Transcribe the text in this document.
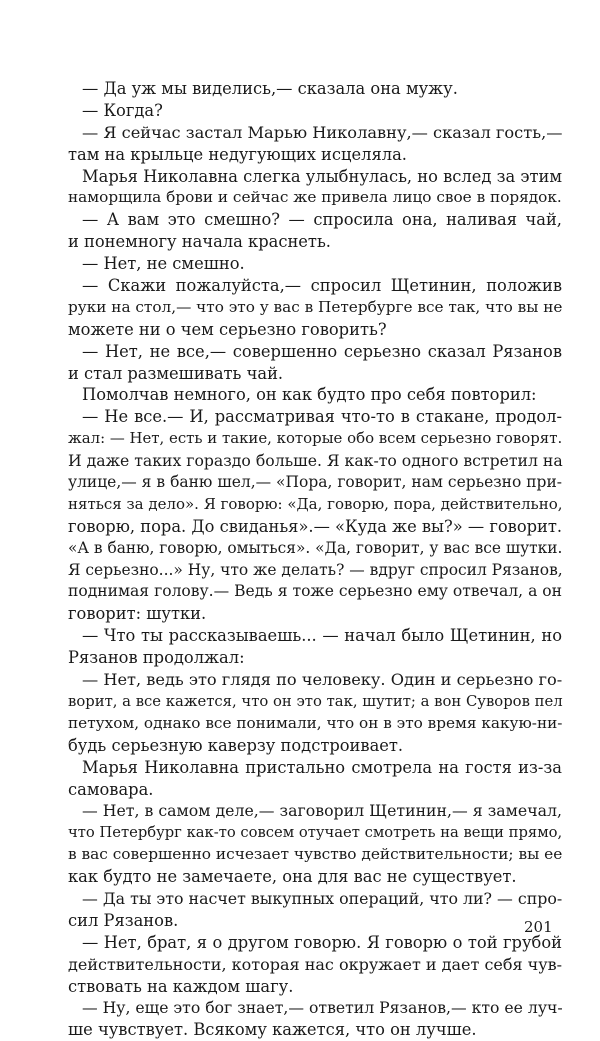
— Да уж мы виделись,— сказала она мужу.
— Когда?
— Я сейчас застал Марью Николавну,— сказал гость,—
там на крыльце недугующих исцеляла.
Марья Николавна слегка улыбнулась, но вслед за этим
наморщила брови и сейчас же привела лицо свое в порядок.
— А вам это смешно? — спросила она, наливая чай,
и понемногу начала краснеть.
— Нет, не смешно.
— Скажи пожалуйста,— спросил Щетинин, положив
руки на стол,— что это у вас в Петербурге все так, что вы не
можете ни о чем серьезно говорить?
— Нет, не все,— совершенно серьезно сказал Рязанов
и стал размешивать чай.
Помолчав немного, он как будто про себя повторил:
— Не все.— И, рассматривая что-то в стакане, продол-
жал: — Нет, есть и такие, которые обо всем серьезно говорят.
И даже таких гораздо больше. Я как-то одного встретил на
улице,— я в баню шел,— «Пора, говорит, нам серьезно при-
няться за дело». Я говорю: «Да, говорю, пора, действительно,
говорю, пора. До свиданья».— «Куда же вы?» — говорит.
«А в баню, говорю, омыться». «Да, говорит, у вас все шутки.
Я серьезно...» Ну, что же делать? — вдруг спросил Рязанов,
поднимая голову.— Ведь я тоже серьезно ему отвечал, а он
говорит: шутки.
— Что ты рассказываешь... — начал было Щетинин, но
Рязанов продолжал:
— Нет, ведь это глядя по человеку. Один и серьезно го-
ворит, а все кажется, что он это так, шутит; а вон Суворов пел
петухом, однако все понимали, что он в это время какую-ни-
будь серьезную каверзу подстроивает.
Марья Николавна пристально смотрела на гостя из-за
самовара.
— Нет, в самом деле,— заговорил Щетинин,— я замечал,
что Петербург как-то совсем отучает смотреть на вещи прямо,
в вас совершенно исчезает чувство действительности; вы ее
как будто не замечаете, она для вас не существует.
— Да ты это насчет выкупных операций, что ли? — спро-
сил Рязанов.
— Нет, брат, я о другом говорю. Я говорю о той грубой
действительности, которая нас окружает и дает себя чув-
ствовать на каждом шагу.
— Ну, еще это бог знает,— ответил Рязанов,— кто ее луч-
ше чувствует. Всякому кажется, что он лучше.
201
